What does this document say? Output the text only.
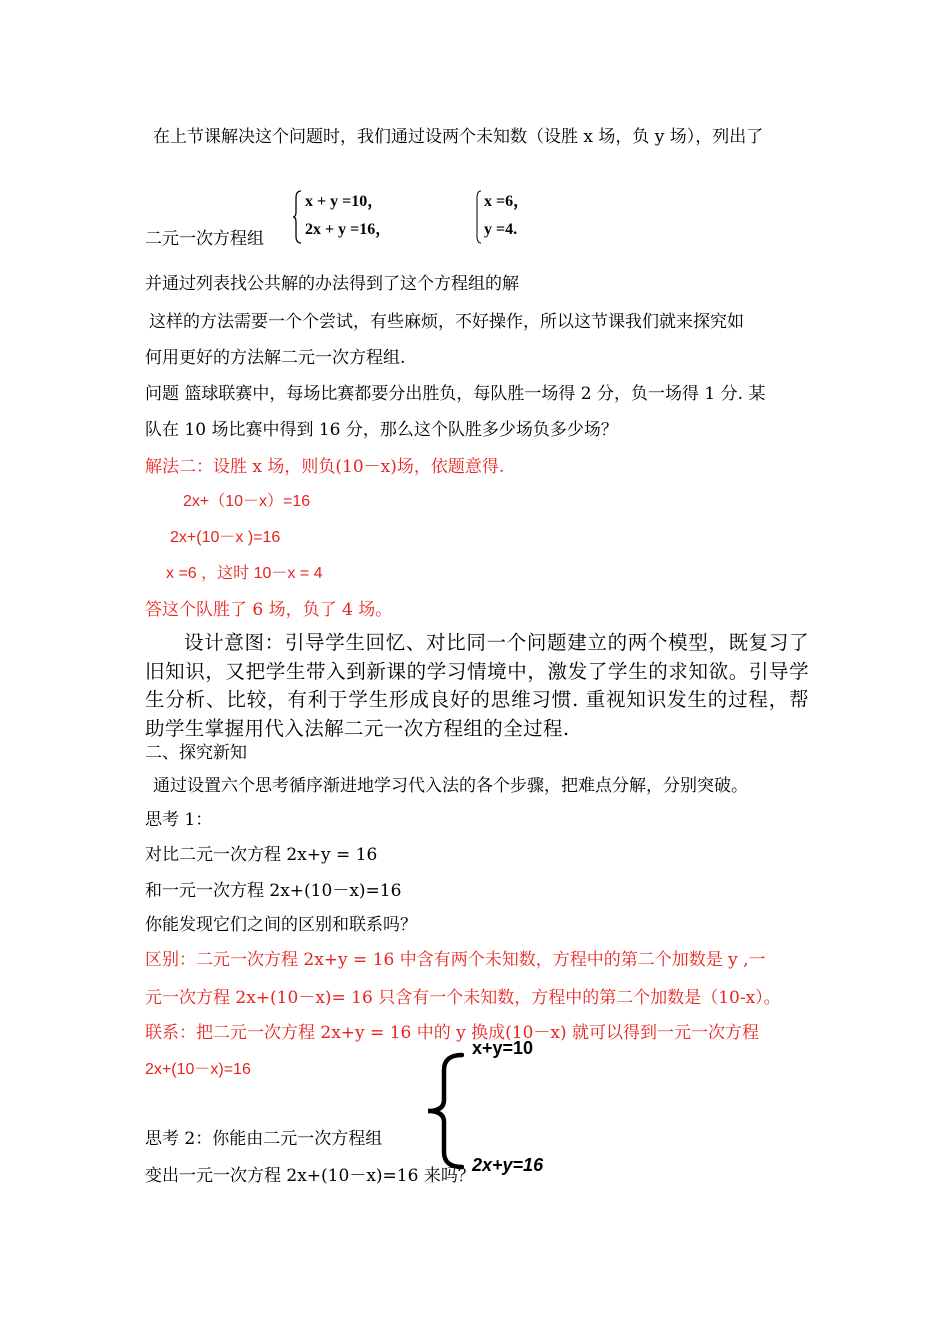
在上节课解决这个问题时，我们通过设两个未知数（设胜 x 场，负 y 场），列出了
x + y =10，
2x + y =16，
x =6，
y =4.
二元一次方程组
并通过列表找公共解的办法得到了这个方程组的解
这样的方法需要一个个尝试，有些麻烦，不好操作，所以这节课我们就来探究如
何用更好的方法解二元一次方程组.
问题 篮球联赛中，每场比赛都要分出胜负，每队胜一场得 2 分，负一场得 1 分. 某
队在 10 场比赛中得到 16 分，那么这个队胜多少场负多少场？
解法二：设胜 x 场，则负(10－x)场，依题意得.
2x+（10－x）=16
2x+(10－x )=16
x =6 ，这时 10－x = 4
答这个队胜了 6 场，负了 4 场。
设计意图：引导学生回忆、对比同一个问题建立的两个模型，既复习了旧知识，又把学生带入到新课的学习情境中，激发了学生的求知欲。引导学生分析、比较，有利于学生形成良好的思维习惯. 重视知识发生的过程，帮助学生掌握用代入法解二元一次方程组的全过程.
二、探究新知
通过设置六个思考循序渐进地学习代入法的各个步骤，把难点分解，分别突破。
思考 1：
对比二元一次方程 2x+y = 16
和一元一次方程 2x+(10－x)=16
你能发现它们之间的区别和联系吗？
区别：二元一次方程 2x+y = 16 中含有两个未知数，方程中的第二个加数是 y ,一
元一次方程 2x+(10－x)= 16 只含有一个未知数，方程中的第二个加数是（10-x）。
联系：把二元一次方程 2x+y = 16 中的 y 换成(10－x) 就可以得到一元一次方程
2x+(10－x)=16
思考 2：你能由二元一次方程组
变出一元一次方程 2x+(10－x)=16 来吗？
x+y=10
2x+y=16
